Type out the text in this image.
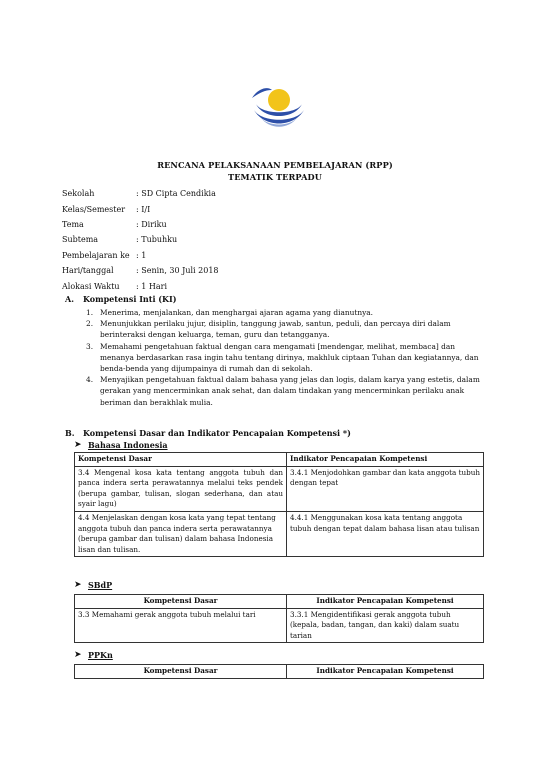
RENCANA PELAKSANAAN PEMBELAJARAN (RPP)
TEMATIK TERPADU
Sekolah	: SD Cipta Cendikia
Kelas/Semester	: I/I
Tema	: Diriku
Subtema	: Tubuhku
Pembelajaran ke : 1
Hari/tanggal	: Senin, 30 Juli 2018
Alokasi Waktu	: 1 Hari
A. Kompetensi Inti (KI)
1. Menerima, menjalankan, dan menghargai ajaran agama yang dianutnya.
2. Menunjukkan perilaku jujur, disiplin, tanggung jawab, santun, peduli, dan percaya diri dalam berinteraksi dengan keluarga, teman, guru dan tetangganya.
3. Memahami pengetahuan faktual dengan cara mengamati [mendengar, melihat, membaca] dan menanya berdasarkan rasa ingin tahu tentang dirinya, makhluk ciptaan Tuhan dan kegiatannya, dan benda-benda yang dijumpainya di rumah dan di sekolah.
4. Menyajikan pengetahuan faktual dalam bahasa yang jelas dan logis, dalam karya yang estetis, dalam gerakan yang mencerminkan anak sehat, dan dalam tindakan yang mencerminkan perilaku anak beriman dan berakhlak mulia.
B. Kompetensi Dasar dan Indikator Pencapaian Kompetensi *)
➤ Bahasa Indonesia
Kompetensi Dasar	Indikator Pencapaian Kompetensi
3.4 Mengenal kosa kata tentang anggota tubuh dan panca indera serta perawatannya melalui teks pendek (berupa gambar, tulisan, slogan sederhana, dan atau syair lagu)	3.4.1 Menjodohkan gambar dan kata anggota tubuh dengan tepat
4.4 Menjelaskan dengan kosa kata yang tepat tentang anggota tubuh dan panca indera serta perawatannya (berupa gambar dan tulisan) dalam bahasa Indonesia lisan dan tulisan.	4.4.1 Menggunakan kosa kata tentang anggota tubuh dengan tepat dalam bahasa lisan atau tulisan
➤ SBdP
Kompetensi Dasar	Indikator Pencapaian Kompetensi
3.3 Memahami gerak anggota tubuh melalui tari	3.3.1 Mengidentifikasi gerak anggota tubuh (kepala, badan, tangan, dan kaki) dalam suatu tarian
➤ PPKn
Kompetensi Dasar	Indikator Pencapaian Kompetensi
